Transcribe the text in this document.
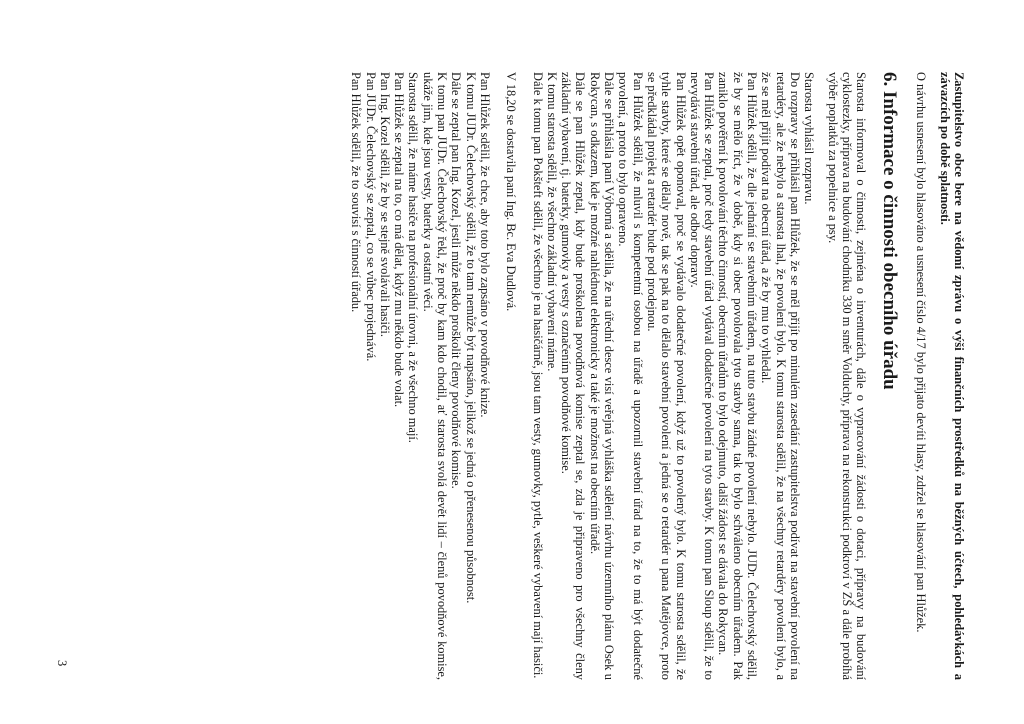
Zastupitelstvo obce bere na vědomí zprávu o výši finančních prostředků na běžných účtech, pohledávkách a závazcích po době splatnosti.

O návrhu usnesení bylo hlasováno a usnesení číslo 4/17 bylo přijato devíti hlasy, zdržel se hlasování pan Hlůžek.

6. Informace o činnosti obecního úřadu

Starosta informoval o činnosti, zejména o inventurách, dále o vypracování žádosti o dotaci, přípravy na budování cyklostezky, příprava na budování chodníku 330 m směr Volduchy, příprava na rekonstrukci podkroví v ZŠ a dále probíhá výběr poplatků za popelnice a psy.

Starosta vyhlásil rozpravu.

Do rozpravy se přihlásil pan Hlůžek, že se měl přijít po minulém zasedání zastupitelstva podívat na stavební povolení na retardéry, ale že nebylo a starosta lhal, že povolení bylo. K tomu starosta sdělil, že na všechny retardéry povolení bylo, a že se měl přijít podívat na obecní úřad, a že by mu to vyhledal.

Pan Hlůžek sdělil, že dle jednání se stavebním úřadem, na tuto stavbu žádné povolení nebylo. JUDr. Čelechovský sdělil, že by se mělo říct, že v době, kdy si obec povolovala tyto stavby sama, tak to bylo schváleno obecním úřadem. Pak zaniklo pověření k povolování těchto činností, obecním úřadům to bylo odejmuto, další žádost se dávala do Rokycan.

Pan Hlůžek se zeptal, proč tedy stavební úřad vydával dodatečné povolení na tyto stavby. K tomu pan Sloup sdělil, že to nevydává stavební úřad, ale odbor dopravy.

Pan Hlůžek opět oponoval, proč se vydávalo dodatečné povolení, když už to povolený bylo. K tomu starosta sdělil, že tyhle stavby, které se dělaly nově, tak se pak na to dělalo stavební povolení a jedná se o retardér u pana Matějovce, proto se předkládal projekt a retardér bude pod prodejnou.

Pan Hlůžek sdělil, že mluvil s kompetentní osobou na úřadě a upozornil stavební úřad na to, že to má být dodatečné povolení, a proto to bylo opraveno.

Dále se přihlásila paní Výborná a sdělila, že na úřední desce visí veřejná vyhláška sdělení návrhu územního plánu Osek u Rokycan, s odkazem, kde je možné nahlédnout elektronicky a také je možnost na obecním úřadě.

Dále se pan Hlůžek zeptal, kdy bude proškolena povodňová komise zeptal se, zda je připraveno pro všechny členy základní vybavení, tj. baterky, gumovky a vesty s označením povodňové komise.

K tomu starosta sdělil, že všechno základní vybavení máme.

Dále k tomu pan Pokšteft sdělil, že všechno je na hasičárně, jsou tam vesty, gumovky, pytle, veškeré vybavení mají hasiči.

V 18,20 se dostavila paní Ing. Bc. Eva Dudlová.

Pan Hlůžek sdělil, že chce, aby toto bylo zapsáno v povodňové knize.

K tomu JUDr. Čelechovský sdělil, že to tam nemůže být napsáno, jelikož se jedná o přenesenou působnost.

Dále se zeptal pan Ing. Kozel, jestli může někdo proškolit členy povodňové komise.

K tomu pan JUDr. Čelechovský řekl, že proč by kam kdo chodil, ať starosta svolá devět lidí – členů povodňové komise, ukáže jim, kde jsou vesty, baterky a ostatní věci.

Starosta sdělil, že máme hasiče na profesionální úrovni, a že všechno mají.

Pan Hlůžek se zeptal na to, co má dělat, když mu někdo bude volat.

Pan Ing. Kozel sdělil, že by se stejně svolávali hasiči.

Pan JUDr. Čelechovský se zeptal, co se vůbec projednává.

Pan Hlůžek sdělil, že to souvisí s činností úřadu.

3
